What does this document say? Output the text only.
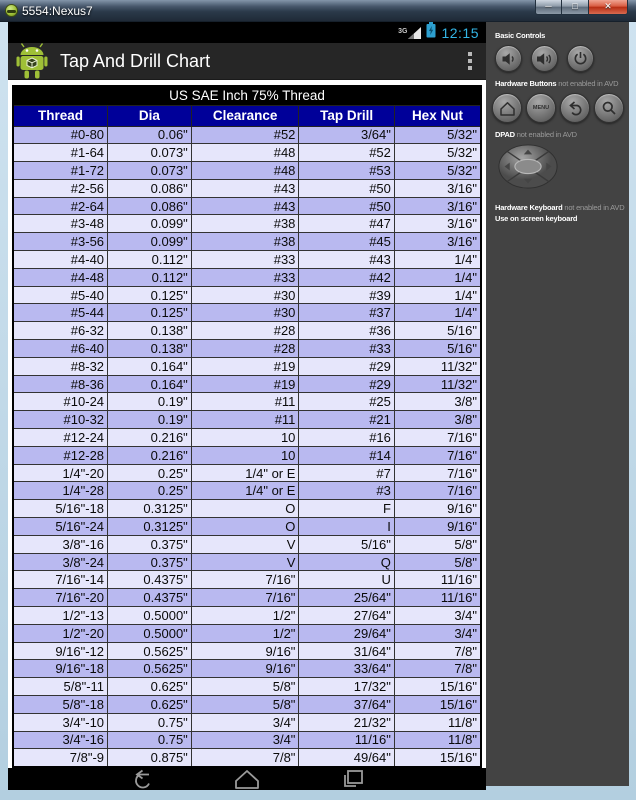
5554:Nexus7	─	□	✕
3G 12:15
Tap And Drill Chart
US SAE Inch 75% Thread				
Thread	Dia	Clearance	Tap Drill	Hex Nut
#0-80	0.06"	#52	3/64"	5/32"
#1-64	0.073"	#48	#52	5/32"
#1-72	0.073"	#48	#53	5/32"
#2-56	0.086"	#43	#50	3/16"
#2-64	0.086"	#43	#50	3/16"
#3-48	0.099"	#38	#47	3/16"
#3-56	0.099"	#38	#45	3/16"
#4-40	0.112"	#33	#43	1/4"
#4-48	0.112"	#33	#42	1/4"
#5-40	0.125"	#30	#39	1/4"
#5-44	0.125"	#30	#37	1/4"
#6-32	0.138"	#28	#36	5/16"
#6-40	0.138"	#28	#33	5/16"
#8-32	0.164"	#19	#29	11/32"
#8-36	0.164"	#19	#29	11/32"
#10-24	0.19"	#11	#25	3/8"
#10-32	0.19"	#11	#21	3/8"
#12-24	0.216"	10	#16	7/16"
#12-28	0.216"	10	#14	7/16"
1/4"-20	0.25"	1/4" or E	#7	7/16"
1/4"-28	0.25"	1/4" or E	#3	7/16"
5/16"-18	0.3125"	O	F	9/16"
5/16"-24	0.3125"	O	I	9/16"
3/8"-16	0.375"	V	5/16"	5/8"
3/8"-24	0.375"	V	Q	5/8"
7/16"-14	0.4375"	7/16"	U	11/16"
7/16"-20	0.4375"	7/16"	25/64"	11/16"
1/2"-13	0.5000"	1/2"	27/64"	3/4"
1/2"-20	0.5000"	1/2"	29/64"	3/4"
9/16"-12	0.5625"	9/16"	31/64"	7/8"
9/16"-18	0.5625"	9/16"	33/64"	7/8"
5/8"-11	0.625"	5/8"	17/32"	15/16"
5/8"-18	0.625"	5/8"	37/64"	15/16"
3/4"-10	0.75"	3/4"	21/32"	11/8"
3/4"-16	0.75"	3/4"	11/16"	11/8"
7/8"-9	0.875"	7/8"	49/64"	15/16"
Basic Controls
Hardware Buttons not enabled in AVD
MENU
DPAD not enabled in AVD
Hardware Keyboard not enabled in AVD
Use on screen keyboard
